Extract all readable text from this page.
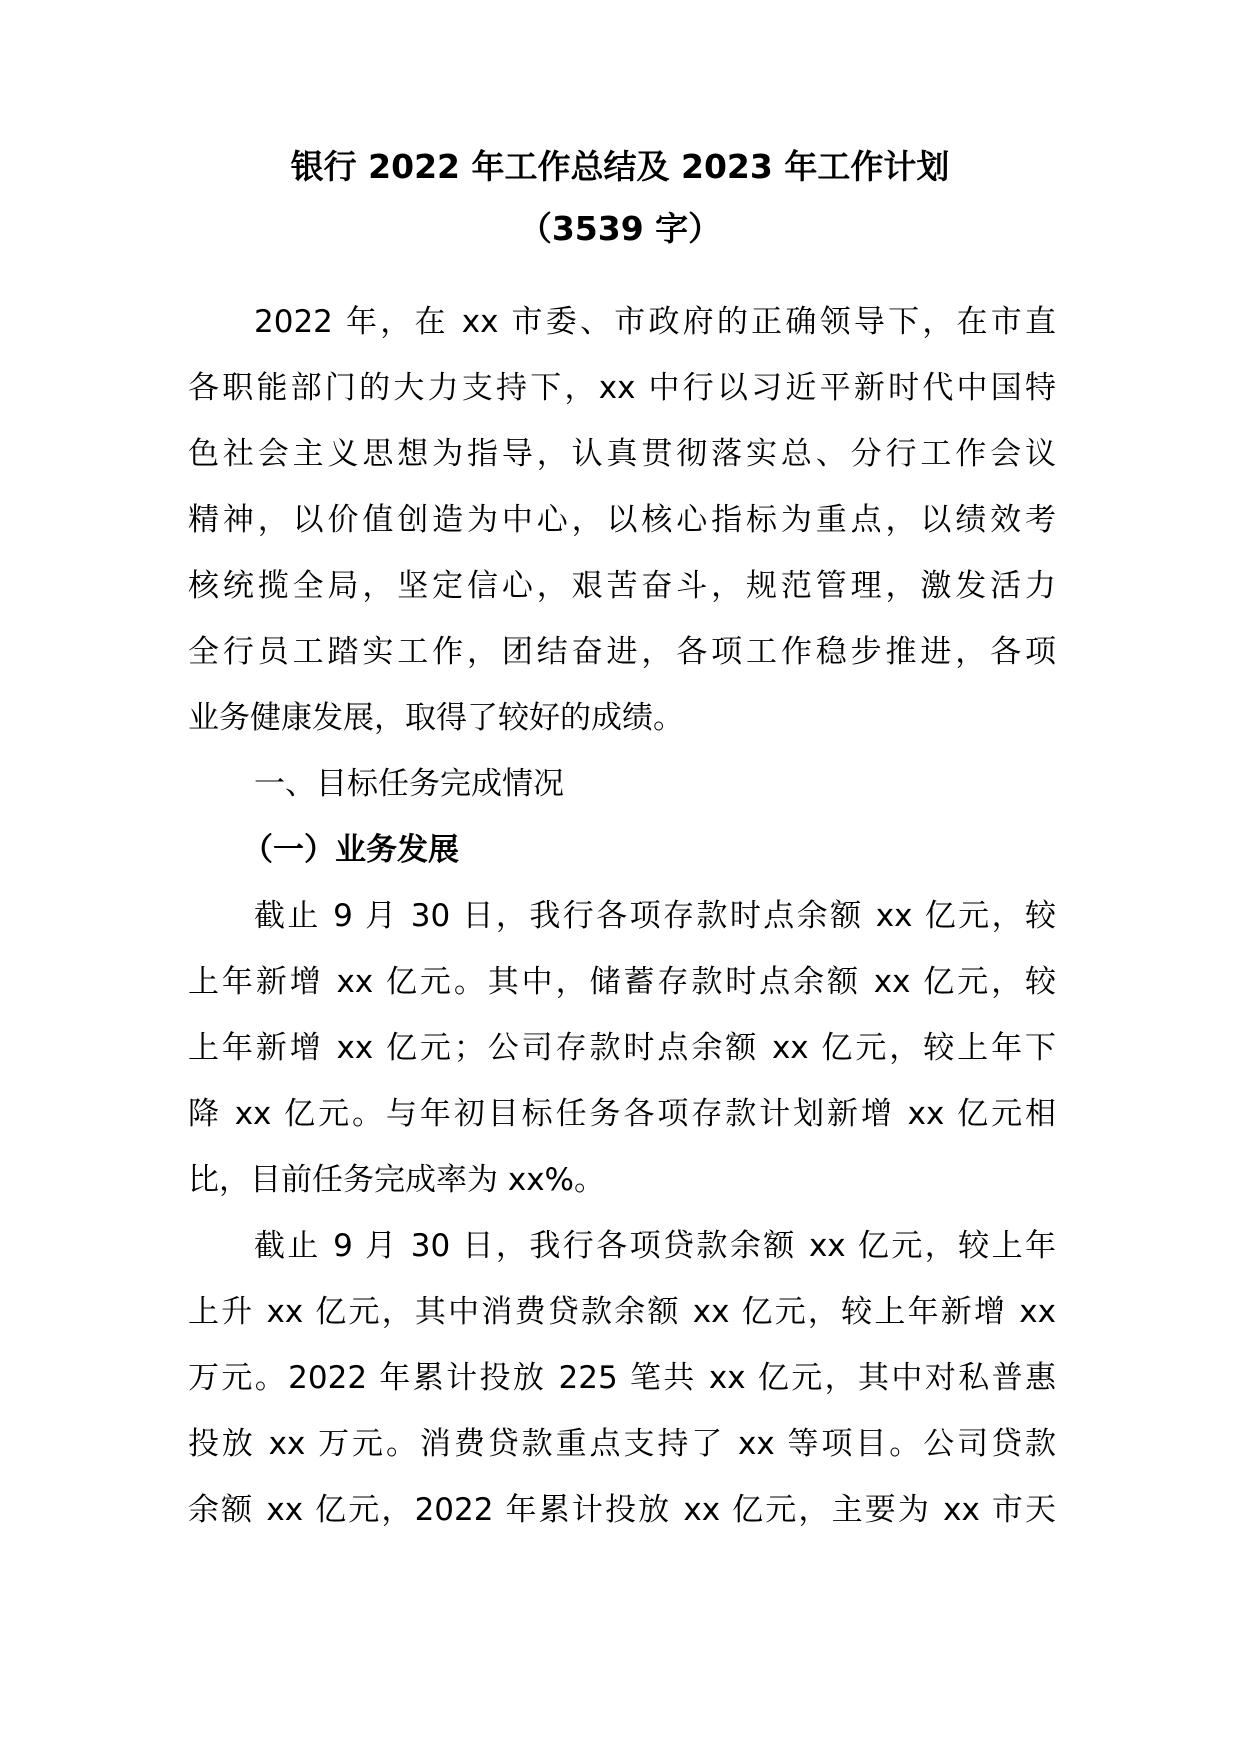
银行 2022 年工作总结及 2023 年工作计划
（3539 字）
2022 年，在 xx 市委、市政府的正确领导下，在市直
各职能部门的大力支持下，xx 中行以习近平新时代中国特
色社会主义思想为指导，认真贯彻落实总、分行工作会议
精神，以价值创造为中心，以核心指标为重点，以绩效考
核统揽全局，坚定信心，艰苦奋斗，规范管理，激发活力
全行员工踏实工作，团结奋进，各项工作稳步推进，各项
业务健康发展，取得了较好的成绩。
一、目标任务完成情况
（一）业务发展
截止 9 月 30 日，我行各项存款时点余额 xx 亿元，较
上年新增 xx 亿元。其中，储蓄存款时点余额 xx 亿元，较
上年新增 xx 亿元；公司存款时点余额 xx 亿元，较上年下
降 xx 亿元。与年初目标任务各项存款计划新增 xx 亿元相
比，目前任务完成率为 xx%。
截止 9 月 30 日，我行各项贷款余额 xx 亿元，较上年
上升 xx 亿元，其中消费贷款余额 xx 亿元，较上年新增 xx
万元。2022 年累计投放 225 笔共 xx 亿元，其中对私普惠
投放 xx 万元。消费贷款重点支持了 xx 等项目。公司贷款
余额 xx 亿元，2022 年累计投放 xx 亿元，主要为 xx 市天
